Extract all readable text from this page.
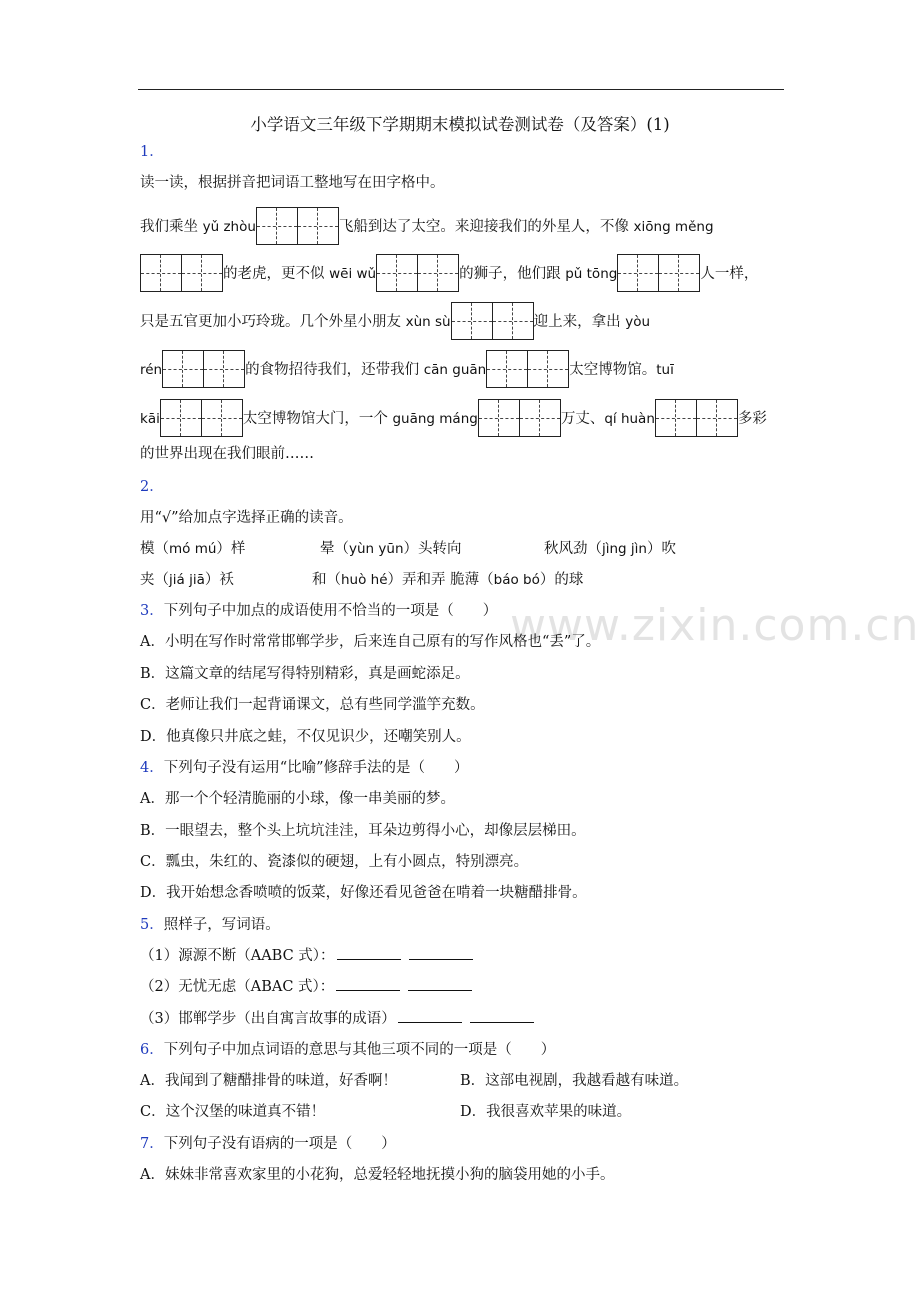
www.zixin.com.cn
小学语文三年级下学期期末模拟试卷测试卷（及答案）(1)
1．
读一读，根据拼音把词语工整地写在田字格中。
我们乘坐 yǔ zhòu	飞船到达了太空。来迎接我们的外星人，不像 xiōng měng
的老虎，更不似 wēi wǔ	的狮子，他们跟 pǔ tōng	人一样，
只是五官更加小巧玲珑。几个外星小朋友 xùn sù	迎上来，拿出 yòu
rén	的食物招待我们，还带我们 cān guān	太空博物馆。tuī
kāi	太空博物馆大门，一个 guāng máng	万丈、qí huàn	多彩
的世界出现在我们眼前……
2．
用“√”给加点字选择正确的读音。
模（mó mú）样	晕（yùn yūn）头转向	秋风劲（jìng jìn）吹
夹（jiá jiā）袄	和（huò hé）弄和弄 脆薄（báo bó）的球
3．下列句子中加点的成语使用不恰当的一项是（　　）
A．小明在写作时常常邯郸学步，后来连自己原有的写作风格也“丢”了。
B．这篇文章的结尾写得特别精彩，真是画蛇添足。
C．老师让我们一起背诵课文，总有些同学滥竽充数。
D．他真像只井底之蛙，不仅见识少，还嘲笑别人。
4．下列句子没有运用“比喻”修辞手法的是（　　）
A．那一个个轻清脆丽的小球，像一串美丽的梦。
B．一眼望去，整个头上坑坑洼洼，耳朵边剪得小心，却像层层梯田。
C．瓢虫，朱红的、瓷漆似的硬翅，上有小圆点，特别漂亮。
D．我开始想念香喷喷的饭菜，好像还看见爸爸在啃着一块糖醋排骨。
5．照样子，写词语。
（1）源源不断（AABC 式）：
（2）无忧无虑（ABAC 式）：
（3）邯郸学步（出自寓言故事的成语）
6．下列句子中加点词语的意思与其他三项不同的一项是（　　）
A．我闻到了糖醋排骨的味道，好香啊！	B．这部电视剧，我越看越有味道。
C．这个汉堡的味道真不错！	D．我很喜欢苹果的味道。
7．下列句子没有语病的一项是（　　）
A．妹妹非常喜欢家里的小花狗，总爱轻轻地抚摸小狗的脑袋用她的小手。
